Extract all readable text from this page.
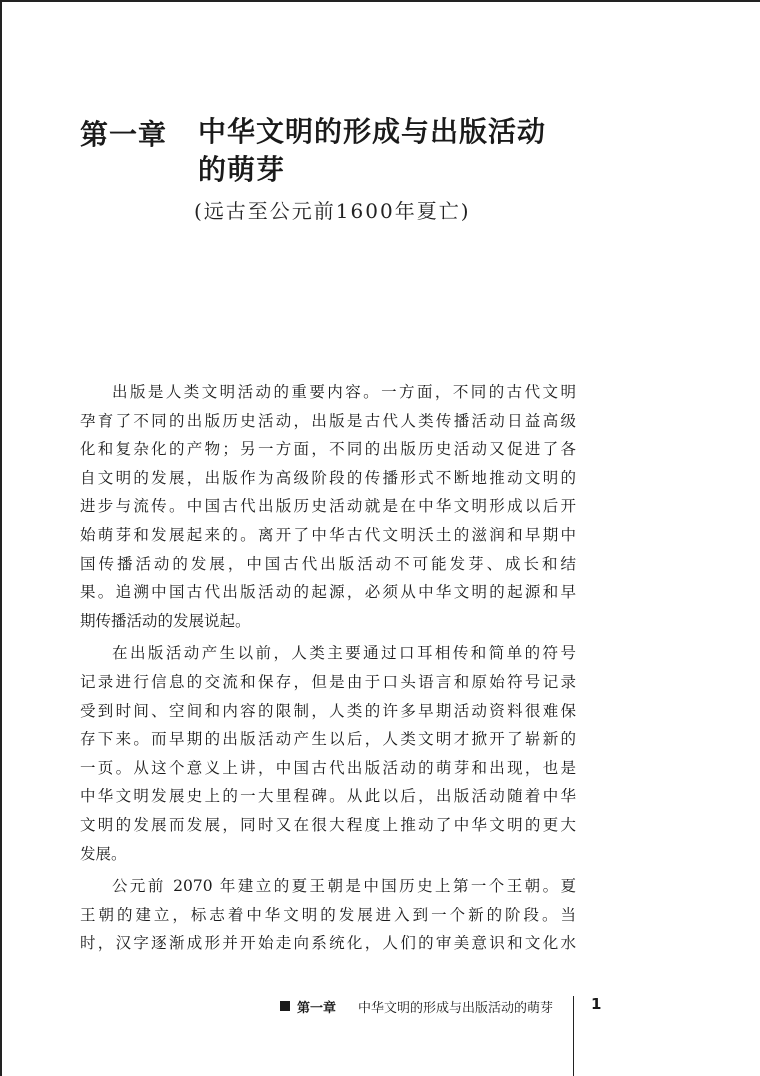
第一章 中华文明的形成与出版活动
的萌芽
(远古至公元前1600年夏亡)
出版是人类文明活动的重要内容。一方面，不同的古代文明
孕育了不同的出版历史活动，出版是古代人类传播活动日益高级
化和复杂化的产物；另一方面，不同的出版历史活动又促进了各
自文明的发展，出版作为高级阶段的传播形式不断地推动文明的
进步与流传。中国古代出版历史活动就是在中华文明形成以后开
始萌芽和发展起来的。离开了中华古代文明沃土的滋润和早期中
国传播活动的发展，中国古代出版活动不可能发芽、成长和结
果。追溯中国古代出版活动的起源，必须从中华文明的起源和早
期传播活动的发展说起。
在出版活动产生以前，人类主要通过口耳相传和简单的符号
记录进行信息的交流和保存，但是由于口头语言和原始符号记录
受到时间、空间和内容的限制，人类的许多早期活动资料很难保
存下来。而早期的出版活动产生以后，人类文明才掀开了崭新的
一页。从这个意义上讲，中国古代出版活动的萌芽和出现，也是
中华文明发展史上的一大里程碑。从此以后，出版活动随着中华
文明的发展而发展，同时又在很大程度上推动了中华文明的更大
发展。
公元前 2070 年建立的夏王朝是中国历史上第一个王朝。夏
王朝的建立，标志着中华文明的发展进入到一个新的阶段。当
时，汉字逐渐成形并开始走向系统化，人们的审美意识和文化水
第一章 中华文明的形成与出版活动的萌芽	1
